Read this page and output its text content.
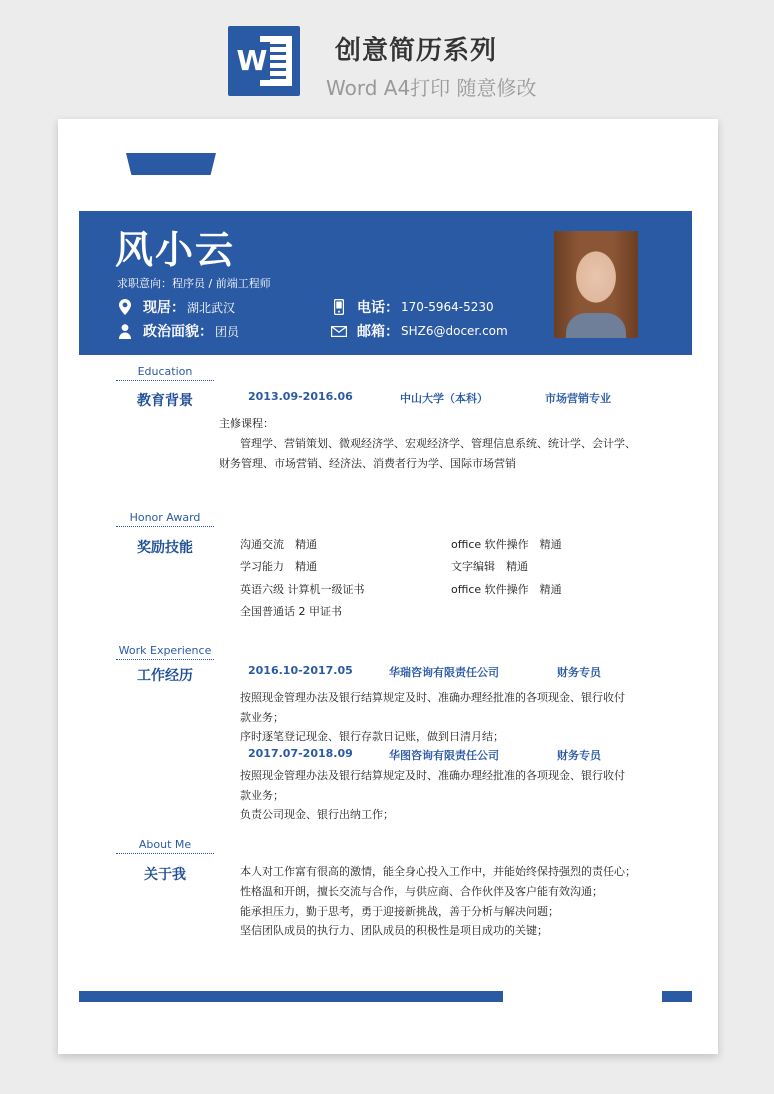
W	创意简历系列
Word A4打印 随意修改
风小云
求职意向：程序员 / 前端工程师
现居： 湖北武汉
政治面貌： 团员
电话： 170-5964-5230
邮箱： SHZ6@docer.com
Education
教育背景	2013.09-2016.06	中山大学（本科）	市场营销专业
主修课程：
管理学、营销策划、微观经济学、宏观经济学、管理信息系统、统计学、会计学、
财务管理、市场营销、经济法、消费者行为学、国际市场营销
Honor Award
奖励技能	沟通交流　精通	office 软件操作　精通
学习能力　精通	文字编辑　精通
英语六级 计算机一级证书	office 软件操作　精通
全国普通话 2 甲证书
Work Experience
工作经历	2016.10-2017.05	华瑞咨询有限责任公司	财务专员
按照现金管理办法及银行结算规定及时、准确办理经批准的各项现金、银行收付
款业务；
序时逐笔登记现金、银行存款日记账，做到日清月结；
2017.07-2018.09	华图咨询有限责任公司	财务专员
按照现金管理办法及银行结算规定及时、准确办理经批准的各项现金、银行收付
款业务；
负责公司现金、银行出纳工作；
About Me
关于我	本人对工作富有很高的激情，能全身心投入工作中，并能始终保持强烈的责任心；
性格温和开朗，擅长交流与合作，与供应商、合作伙伴及客户能有效沟通；
能承担压力，勤于思考，勇于迎接新挑战，善于分析与解决问题；
坚信团队成员的执行力、团队成员的积极性是项目成功的关键；
